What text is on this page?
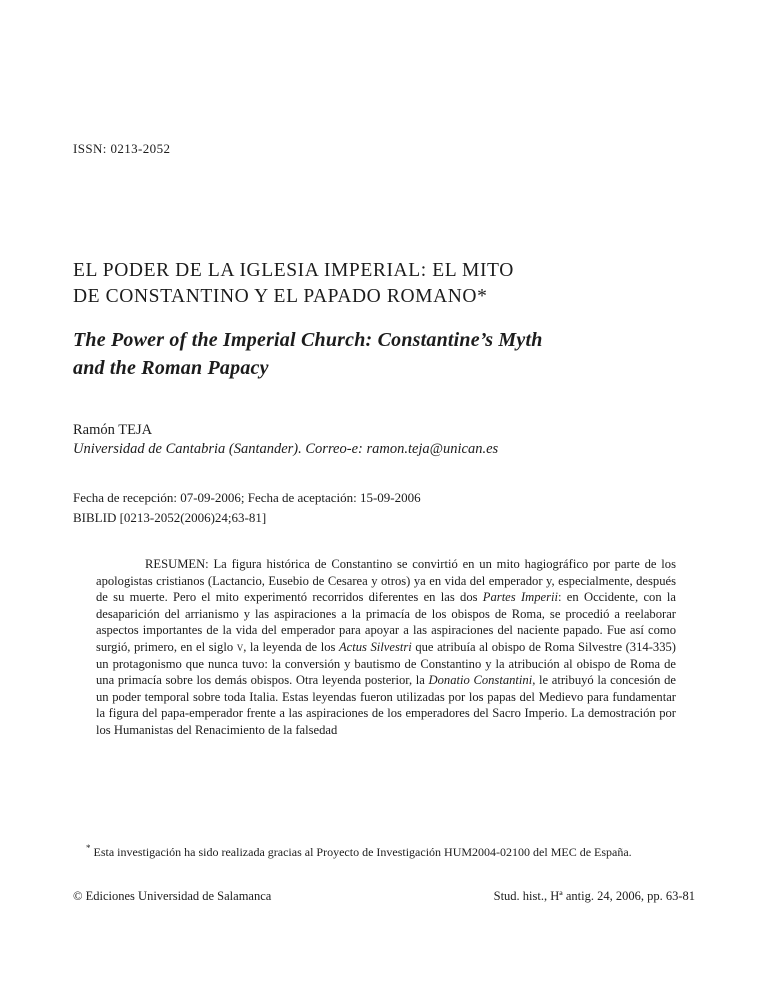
ISSN: 0213-2052
EL PODER DE LA IGLESIA IMPERIAL: EL MITO
DE CONSTANTINO Y EL PAPADO ROMANO*
The Power of the Imperial Church: Constantine’s Myth
and the Roman Papacy
Ramón TEJA
Universidad de Cantabria (Santander). Correo-e: ramon.teja@unican.es
Fecha de recepción: 07-09-2006; Fecha de aceptación: 15-09-2006
BIBLID [0213-2052(2006)24;63-81]

RESUMEN: La figura histórica de Constantino se convirtió en un mito hagiográfico por parte de los apologistas cristianos (Lactancio, Eusebio de Cesarea y otros) ya en vida del emperador y, especialmente, después de su muerte. Pero el mito experimentó recorridos diferentes en las dos Partes Imperii: en Occidente, con la desaparición del arrianismo y las aspiraciones a la primacía de los obispos de Roma, se procedió a reelaborar aspectos importantes de la vida del emperador para apoyar a las aspiraciones del naciente papado. Fue así como surgió, primero, en el siglo v, la leyenda de los Actus Silvestri que atribuía al obispo de Roma Silvestre (314-335) un protagonismo que nunca tuvo: la conversión y bautismo de Constantino y la atribución al obispo de Roma de una primacía sobre los demás obispos. Otra leyenda posterior, la Donatio Constantini, le atribuyó la concesión de un poder temporal sobre toda Italia. Estas leyendas fueron utilizadas por los papas del Medievo para fundamentar la figura del papa-emperador frente a las aspiraciones de los emperadores del Sacro Imperio. La demostración por los Humanistas del Renacimiento de la falsedad

* Esta investigación ha sido realizada gracias al Proyecto de Investigación HUM2004-02100 del MEC de España.

© Ediciones Universidad de Salamanca	Stud. hist., Hª antig. 24, 2006, pp. 63-81
